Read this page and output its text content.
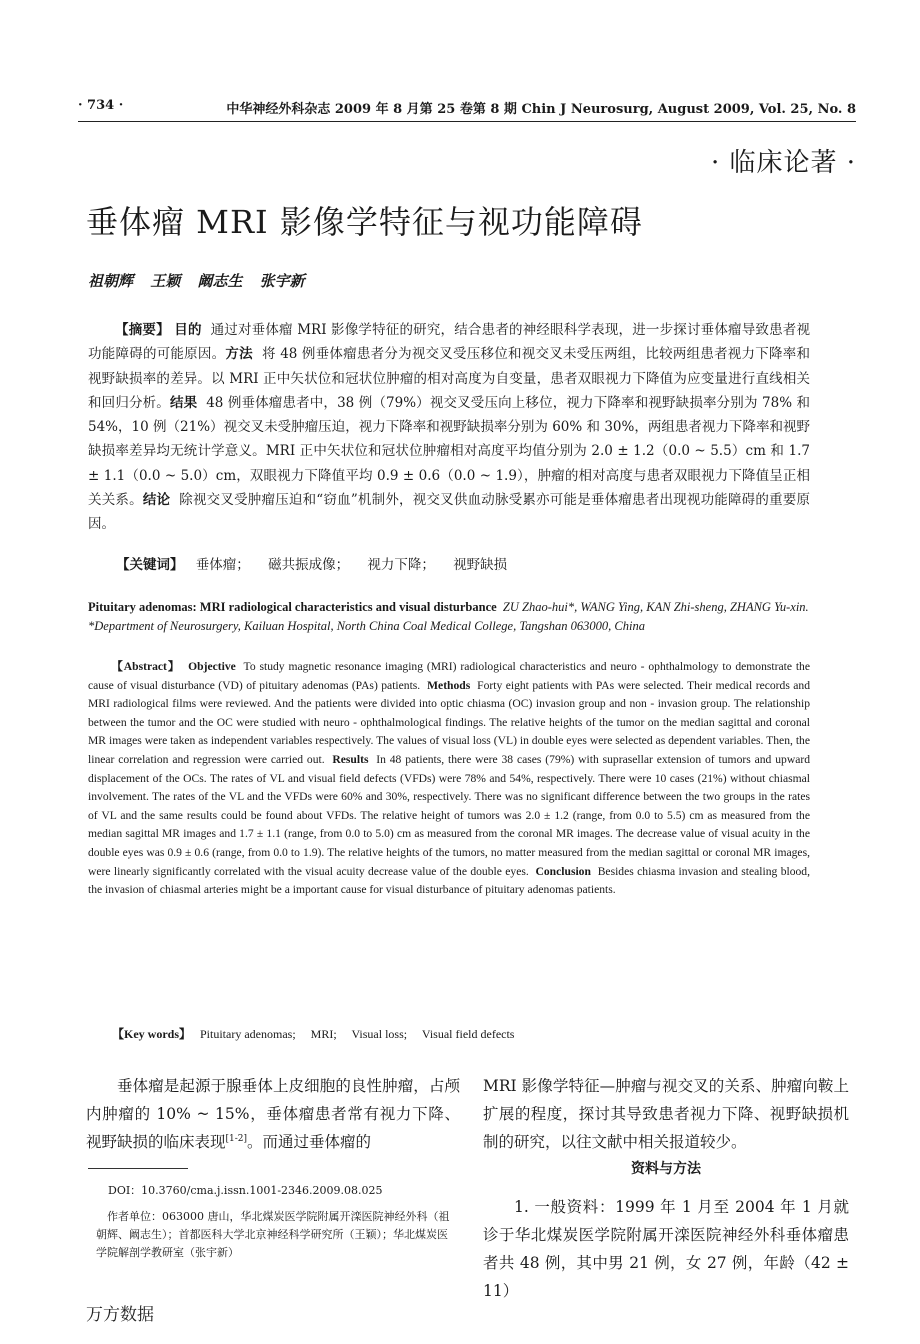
· 734 ·	中华神经外科杂志 2009 年 8 月第 25 卷第 8 期 Chin J Neurosurg, August 2009, Vol. 25, No. 8
· 临床论著 ·
垂体瘤 MRI 影像学特征与视功能障碍
祖朝辉 王颖 阚志生 张宇新
【摘要】 目的 通过对垂体瘤 MRI 影像学特征的研究，结合患者的神经眼科学表现，进一步探讨垂体瘤导致患者视功能障碍的可能原因。方法 将 48 例垂体瘤患者分为视交叉受压移位和视交叉未受压两组，比较两组患者视力下降率和视野缺损率的差异。以 MRI 正中矢状位和冠状位肿瘤的相对高度为自变量，患者双眼视力下降值为应变量进行直线相关和回归分析。结果 48 例垂体瘤患者中，38 例（79%）视交叉受压向上移位，视力下降率和视野缺损率分别为 78% 和 54%，10 例（21%）视交叉未受肿瘤压迫，视力下降率和视野缺损率分别为 60% 和 30%，两组患者视力下降率和视野缺损率差异均无统计学意义。MRI 正中矢状位和冠状位肿瘤相对高度平均值分别为 2.0 ± 1.2（0.0 ~ 5.5）cm 和 1.7 ± 1.1（0.0 ~ 5.0）cm，双眼视力下降值平均 0.9 ± 0.6（0.0 ~ 1.9），肿瘤的相对高度与患者双眼视力下降值呈正相关关系。结论 除视交叉受肿瘤压迫和“窃血”机制外，视交叉供血动脉受累亦可能是垂体瘤患者出现视功能障碍的重要原因。
【关键词】 垂体瘤； 磁共振成像； 视力下降； 视野缺损
Pituitary adenomas: MRI radiological characteristics and visual disturbance ZU Zhao-hui*, WANG Ying, KAN Zhi-sheng, ZHANG Yu-xin. *Department of Neurosurgery, Kailuan Hospital, North China Coal Medical College, Tangshan 063000, China
【Abstract】 Objective To study magnetic resonance imaging (MRI) radiological characteristics and neuro - ophthalmology to demonstrate the cause of visual disturbance (VD) of pituitary adenomas (PAs) patients. Methods Forty eight patients with PAs were selected. Their medical records and MRI radiological films were reviewed. And the patients were divided into optic chiasma (OC) invasion group and non - invasion group. The relationship between the tumor and the OC were studied with neuro - ophthalmological findings. The relative heights of the tumor on the median sagittal and coronal MR images were taken as independent variables respectively. The values of visual loss (VL) in double eyes were selected as dependent variables. Then, the linear correlation and regression were carried out. Results In 48 patients, there were 38 cases (79%) with suprasellar extension of tumors and upward displacement of the OCs. The rates of VL and visual field defects (VFDs) were 78% and 54%, respectively. There were 10 cases (21%) without chiasmal involvement. The rates of the VL and the VFDs were 60% and 30%, respectively. There was no significant difference between the two groups in the rates of VL and the same results could be found about VFDs. The relative height of tumors was 2.0 ± 1.2 (range, from 0.0 to 5.5) cm as measured from the median sagittal MR images and 1.7 ± 1.1 (range, from 0.0 to 5.0) cm as measured from the coronal MR images. The decrease value of visual acuity in the double eyes was 0.9 ± 0.6 (range, from 0.0 to 1.9). The relative heights of the tumors, no matter measured from the median sagittal or coronal MR images, were linearly significantly correlated with the visual acuity decrease value of the double eyes. Conclusion Besides chiasma invasion and stealing blood, the invasion of chiasmal arteries might be a important cause for visual disturbance of pituitary adenomas patients.
【Key words】 Pituitary adenomas; MRI; Visual loss; Visual field defects
垂体瘤是起源于腺垂体上皮细胞的良性肿瘤，占颅内肿瘤的 10% ~ 15%，垂体瘤患者常有视力下降、视野缺损的临床表现[1-2]。而通过垂体瘤的
MRI 影像学特征—肿瘤与视交叉的关系、肿瘤向鞍上扩展的程度，探讨其导致患者视力下降、视野缺损机制的研究，以往文献中相关报道较少。
资料与方法
1. 一般资料：1999 年 1 月至 2004 年 1 月就诊于华北煤炭医学院附属开滦医院神经外科垂体瘤患者共 48 例，其中男 21 例，女 27 例，年龄（42 ± 11）
DOI：10.3760/cma.j.issn.1001-2346.2009.08.025
作者单位：063000 唐山，华北煤炭医学院附属开滦医院神经外科（祖朝辉、阚志生）；首都医科大学北京神经科学研究所（王颖）；华北煤炭医学院解剖学教研室（张宇新）
万方数据
